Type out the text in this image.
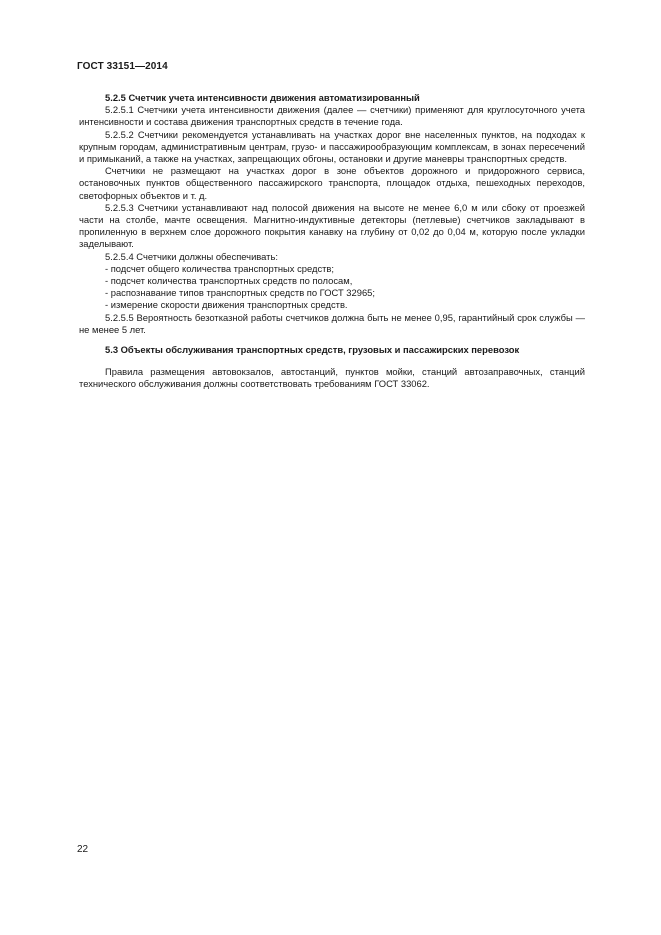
ГОСТ 33151—2014
5.2.5 Счетчик учета интенсивности движения автоматизированный

5.2.5.1 Счетчики учета интенсивности движения (далее — счетчики) применяют для круглосуточного учета интенсивности и состава движения транспортных средств в течение года.

5.2.5.2 Счетчики рекомендуется устанавливать на участках дорог вне населенных пунктов, на подходах к крупным городам, административным центрам, грузо- и пассажирообразующим комплексам, в зонах пересечений и примыканий, а также на участках, запрещающих обгоны, остановки и другие маневры транспортных средств.

Счетчики не размещают на участках дорог в зоне объектов дорожного и придорожного сервиса, остановочных пунктов общественного пассажирского транспорта, площадок отдыха, пешеходных переходов, светофорных объектов и т. д.

5.2.5.3 Счетчики устанавливают над полосой движения на высоте не менее 6,0 м или сбоку от проезжей части на столбе, мачте освещения. Магнитно-индуктивные детекторы (петлевые) счетчиков закладывают в пропиленную в верхнем слое дорожного покрытия канавку на глубину от 0,02 до 0,04 м, которую после укладки заделывают.

5.2.5.4 Счетчики должны обеспечивать:

- подсчет общего количества транспортных средств;
- подсчет количества транспортных средств по полосам,
- распознавание типов транспортных средств по ГОСТ 32965;
- измерение скорости движения транспортных средств.

5.2.5.5 Вероятность безотказной работы счетчиков должна быть не менее 0,95, гарантийный срок службы — не менее 5 лет.

5.3 Объекты обслуживания транспортных средств, грузовых и пассажирских перевозок

Правила размещения автовокзалов, автостанций, пунктов мойки, станций автозаправочных, станций технического обслуживания должны соответствовать требованиям ГОСТ 33062.

22
